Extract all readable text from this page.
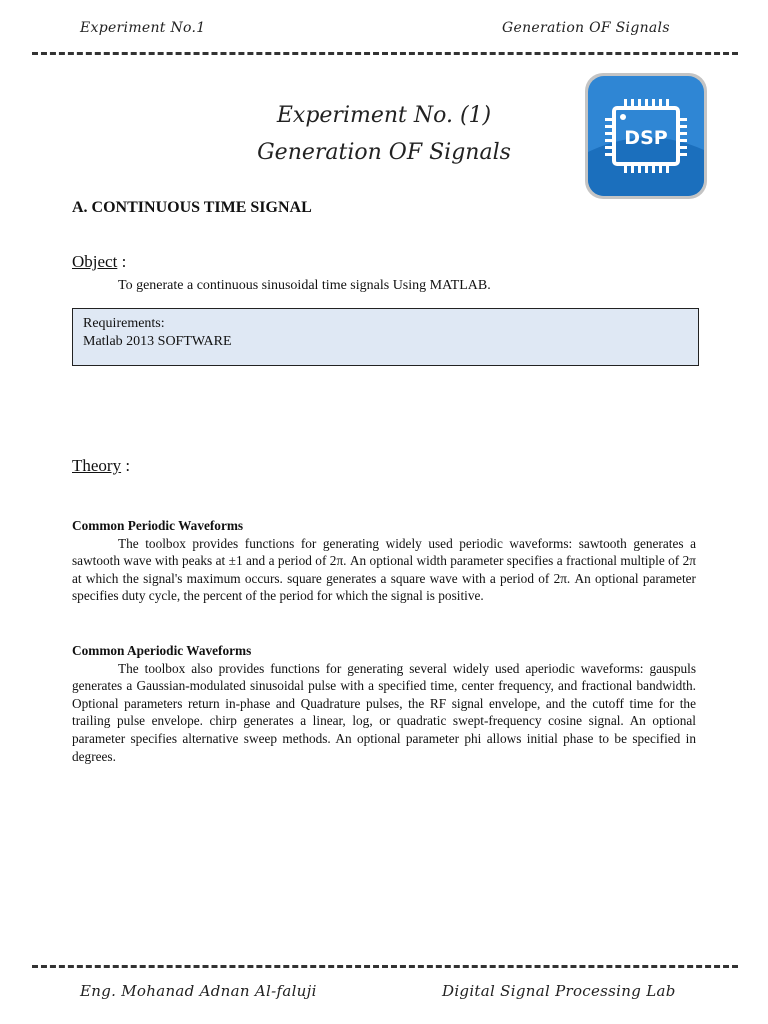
Experiment No.1	Generation OF Signals
Experiment No. (1)
Generation OF Signals
DSP
A. CONTINUOUS TIME SIGNAL
Object :
To generate a continuous sinusoidal time signals Using MATLAB.
Requirements:
Matlab 2013 SOFTWARE
Theory :
Common Periodic Waveforms
The toolbox provides functions for generating widely used periodic waveforms: sawtooth generates a sawtooth wave with peaks at ±1 and a period of 2π. An optional width parameter specifies a fractional multiple of 2π at which the signal's maximum occurs. square generates a square wave with a period of 2π. An optional parameter specifies duty cycle, the percent of the period for which the signal is positive.
Common Aperiodic Waveforms
The toolbox also provides functions for generating several widely used aperiodic waveforms: gauspuls generates a Gaussian-modulated sinusoidal pulse with a specified time, center frequency, and fractional bandwidth. Optional parameters return in-phase and Quadrature pulses, the RF signal envelope, and the cutoff time for the trailing pulse envelope. chirp generates a linear, log, or quadratic swept-frequency cosine signal. An optional parameter specifies alternative sweep methods. An optional parameter phi allows initial phase to be specified in degrees.
Eng. Mohanad Adnan Al-faluji	Digital Signal Processing Lab
